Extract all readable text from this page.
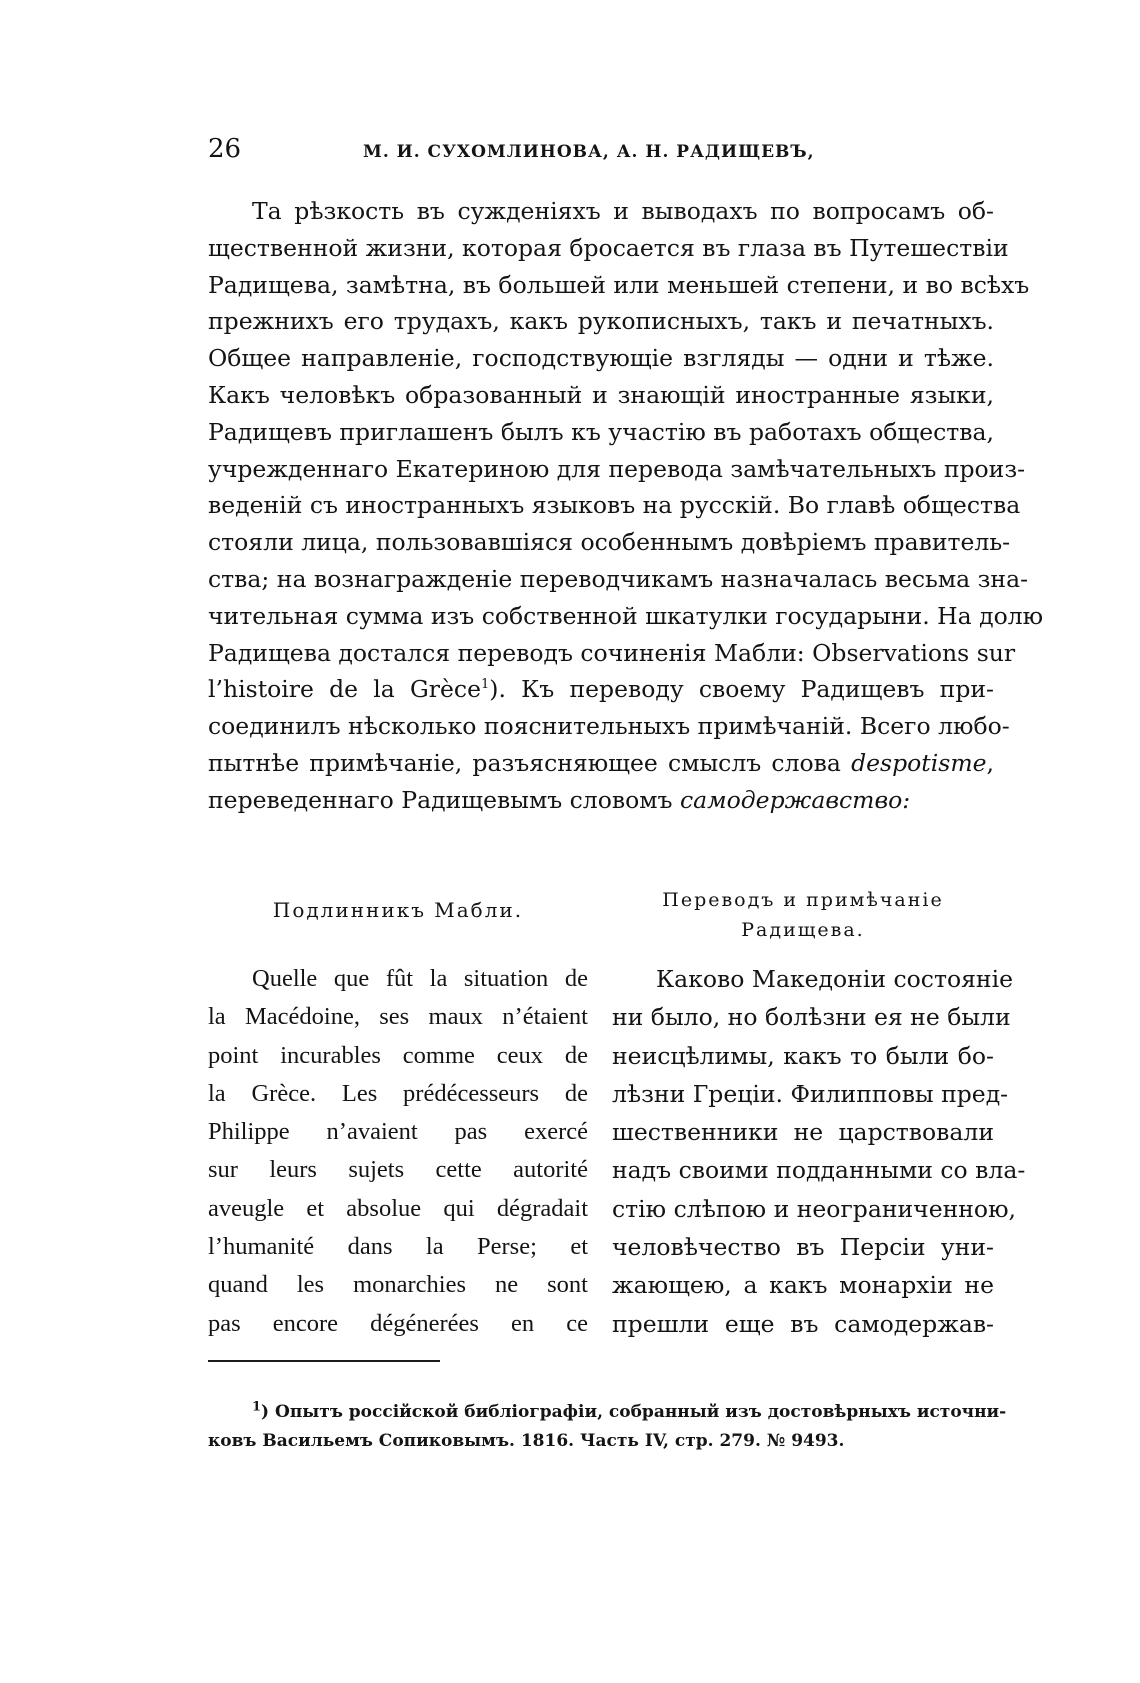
26	М. И. СУХОМЛИНОВА, А. Н. РАДИЩЕВЪ,
Та рѣзкость въ сужденіяхъ и выводахъ по вопросамъ об-
щественной жизни, которая бросается въ глаза въ Путешествіи
Радищева, замѣтна, въ большей или меньшей степени, и во всѣхъ
прежнихъ его трудахъ, какъ рукописныхъ, такъ и печатныхъ.
Общее направленіе, господствующіе взгляды — одни и тѣже.
Какъ человѣкъ образованный и знающій иностранные языки,
Радищевъ приглашенъ былъ къ участію въ работахъ общества,
учрежденнаго Екатериною для перевода замѣчательныхъ произ-
веденій съ иностранныхъ языковъ на русскій. Во главѣ общества
стояли лица, пользовавшіяся особеннымъ довѣріемъ правитель-
ства; на вознагражденіе переводчикамъ назначалась весьма зна-
чительная сумма изъ собственной шкатулки государыни. На долю
Радищева достался переводъ сочиненія Мабли: Observations sur
l’histoire de la Grèce$^1$). Къ переводу своему Радищевъ при-
соединилъ нѣсколько пояснительныхъ примѣчаній. Всего любо-
пытнѣе примѣчаніе, разъясняющее смыслъ слова despotisme,
переведеннаго Радищевымъ словомъ самодержавство:
Подлинникъ Мабли.
Quelle que fût la situation de
la Macédoine, ses maux n’étaient
point incurables comme ceux de
la Grèce. Les prédécesseurs de
Philippe n’avaient pas exercé
sur leurs sujets cette autorité
aveugle et absolue qui dégradait
l’humanité dans la Perse; et
quand les monarchies ne sont
pas encore dégénerées en ce
Переводъ и примѣчаніе
Радищева.
Каково Македоніи состояніе
ни было, но болѣзни ея не были
неисцѣлимы, какъ то были бо-
лѣзни Греціи. Филипповы пред-
шественники не царствовали
надъ своими подданными со вла-
стію слѣпою и неограниченною,
человѣчество въ Персіи уни-
жающею, а какъ монархіи не
прешли еще въ самодержав-
$^1$) Опытъ россійской библіографіи, собранный изъ достовѣрныхъ источни-
ковъ Васильемъ Сопиковымъ. 1816. Часть IV, стр. 279. № 9493.
